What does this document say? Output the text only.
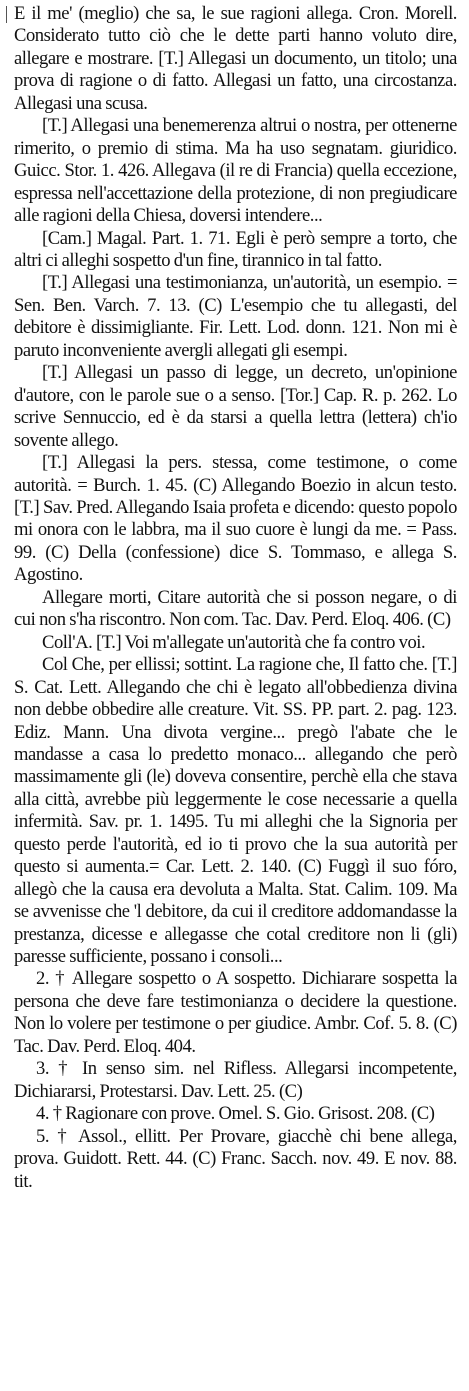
E il me' (meglio) che sa, le sue ragioni allega. Cron. Morell. Considerato tutto ciò che le dette parti hanno voluto dire, allegare e mostrare. [T.] Allegasi un documento, un titolo; una prova di ragione o di fatto. Allegasi un fatto, una circostanza. Allegasi una scusa.

[T.] Allegasi una benemerenza altrui o nostra, per ottenerne rimerito, o premio di stima. Ma ha uso segnatam. giuridico. Guicc. Stor. 1. 426. Allegava (il re di Francia) quella eccezione, espressa nell'accettazione della protezione, di non pregiudicare alle ragioni della Chiesa, doversi intendere...

[Cam.] Magal. Part. 1. 71. Egli è però sempre a torto, che altri ci alleghi sospetto d'un fine, tirannico in tal fatto.

[T.] Allegasi una testimonianza, un'autorità, un esempio. = Sen. Ben. Varch. 7. 13. (C) L'esempio che tu allegasti, del debitore è dissimigliante. Fir. Lett. Lod. donn. 121. Non mi è paruto inconveniente avergli allegati gli esempi.

[T.] Allegasi un passo di legge, un decreto, un'opinione d'autore, con le parole sue o a senso. [Tor.] Cap. R. p. 262. Lo scrive Sennuccio, ed è da starsi a quella lettra (lettera) ch'io sovente allego.

[T.] Allegasi la pers. stessa, come testimone, o come autorità. = Burch. 1. 45. (C) Allegando Boezio in alcun testo. [T.] Sav. Pred. Allegando Isaia profeta e dicendo: questo popolo mi onora con le labbra, ma il suo cuore è lungi da me. = Pass. 99. (C) Della (confessione) dice S. Tommaso, e allega S. Agostino.

Allegare morti, Citare autorità che si posson negare, o di cui non s'ha riscontro. Non com. Tac. Dav. Perd. Eloq. 406. (C)

Coll'A. [T.] Voi m'allegate un'autorità che fa contro voi.

Col Che, per ellissi; sottint. La ragione che, Il fatto che. [T.] S. Cat. Lett. Allegando che chi è legato all'obbedienza divina non debbe obbedire alle creature. Vit. SS. PP. part. 2. pag. 123. Ediz. Mann. Una divota vergine... pregò l'abate che le mandasse a casa lo predetto monaco... allegando che però massimamente gli (le) doveva consentire, perchè ella che stava alla città, avrebbe più leggermente le cose necessarie a quella infermità. Sav. pr. 1. 1495. Tu mi alleghi che la Signoria per questo perde l'autorità, ed io ti provo che la sua autorità per questo si aumenta.= Car. Lett. 2. 140. (C) Fuggì il suo fóro, allegò che la causa era devoluta a Malta. Stat. Calim. 109. Ma se avvenisse che 'l debitore, da cui il creditore addomandasse la prestanza, dicesse e allegasse che cotal creditore non li (gli) paresse sufficiente, possano i consoli...

2. † Allegare sospetto o A sospetto. Dichiarare sospetta la persona che deve fare testimonianza o decidere la questione. Non lo volere per testimone o per giudice. Ambr. Cof. 5. 8. (C) Tac. Dav. Perd. Eloq. 404.

3. † In senso sim. nel Rifless. Allegarsi incompetente, Dichiararsi, Protestarsi. Dav. Lett. 25. (C)

4. † Ragionare con prove. Omel. S. Gio. Grisost. 208. (C)

5. † Assol., ellitt. Per Provare, giacchè chi bene allega, prova. Guidott. Rett. 44. (C) Franc. Sacch. nov. 49. E nov. 88. tit.
